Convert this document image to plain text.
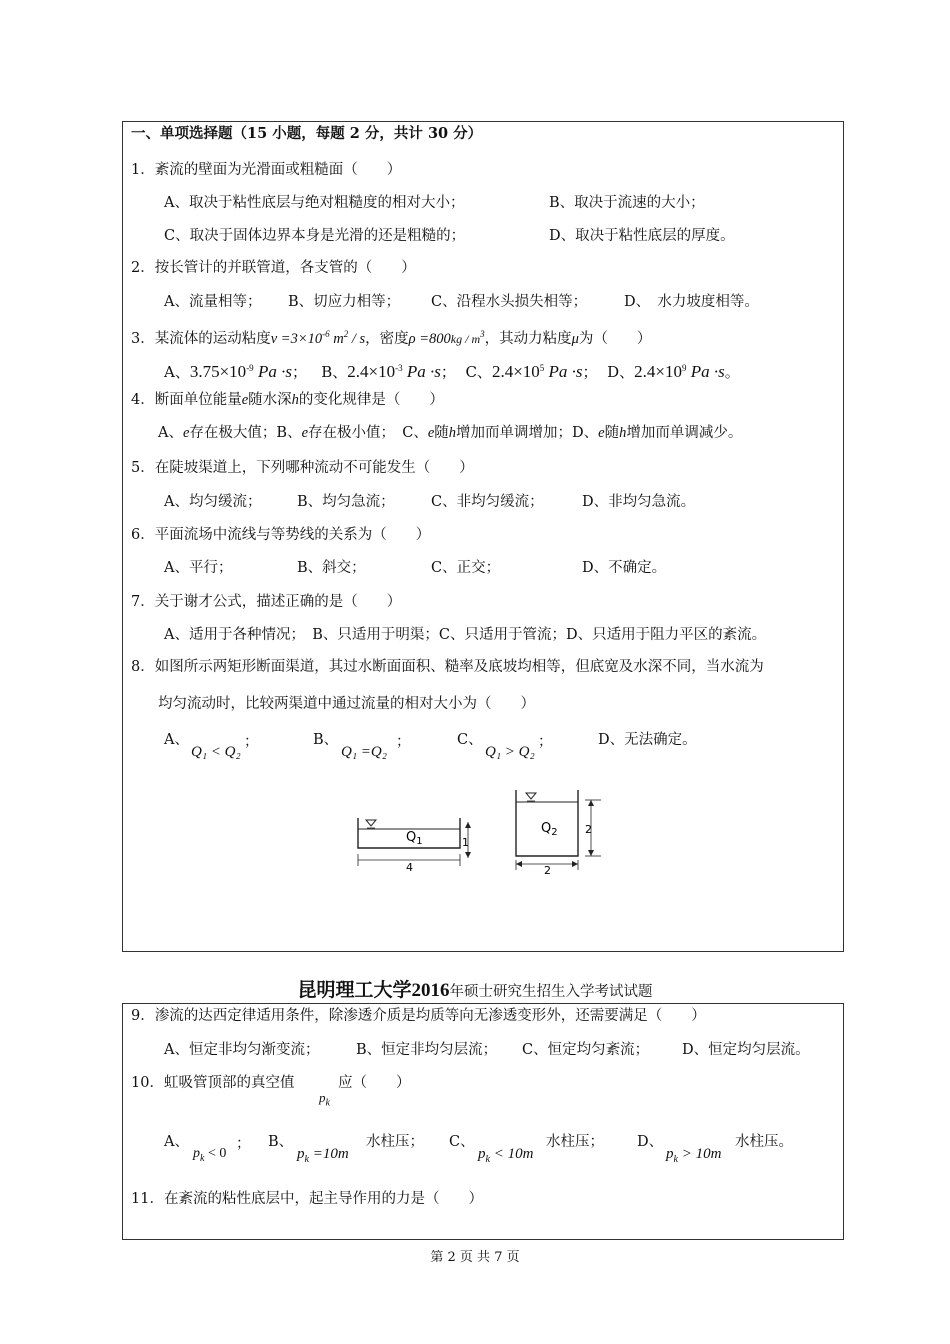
一、单项选择题（15 小题，每题 2 分，共计 30 分）
1．紊流的壁面为光滑面或粗糙面（　　）
A、取决于粘性底层与绝对粗糙度的相对大小；	B、取决于流速的大小；
C、取决于固体边界本身是光滑的还是粗糙的；	D、取决于粘性底层的厚度。
2．按长管计的并联管道，各支管的（　　）
A、流量相等； B、切应力相等； C、沿程水头损失相等；	D、　水力坡度相等。
3．某流体的运动粘度$\nu =3\times 10^{-6}$ $m^2$ / s，密度$\rho =800kg / m^3$，其动力粘度μ为（　　）
A、$3.75\times 10^{-9}$ Pa ·s； B、$2.4\times 10^{-3}$ Pa ·s； C、$2.4\times 10^5$ Pa ·s； D、$2.4\times 10^9$ Pa ·s。
4．断面单位能量e随水深h的变化规律是（　　）
A、e存在极大值；B、e存在极小值；　C、e随h增加而单调增加；D、e随h增加而单调减少。
5．在陡坡渠道上，下列哪种流动不可能发生（　　）
A、均匀缓流； B、均匀急流；	C、非均匀缓流；	D、非均匀急流。
6．平面流场中流线与等势线的关系为（　　）
A、平行；	B、斜交；	C、正交；	D、不确定。
7．关于谢才公式，描述正确的是（　　）
A、适用于各种情况；　B、只适用于明渠；C、只适用于管流；D、只适用于阻力平区的紊流。
8．如图所示两矩形断面渠道，其过水断面面积、糙率及底坡均相等，但底宽及水深不同，当水流为
均匀流动时，比较两渠道中通过流量的相对大小为（　　）
A、
Q₁ < Q₂
；	B、
Q₁ =Q₂
；	C、
Q₁ > Q₂
；	D、无法确定。
$Q_1$	1
4
$Q_2$ 2
2
昆明理工大学2016年硕士研究生招生入学考试试题
9．渗流的达西定律适用条件，除渗透介质是均质等向无渗透变形外，还需要满足（　　）
A、恒定非均匀渐变流；	B、恒定非均匀层流； C、恒定均匀紊流； D、恒定均匀层流。
10．虹吸管顶部的真空值
$p_k$
应（　　）
A、
$p_k < 0$
； B、
$p_k =10m$
水柱压； C、
$p_k < 10m$
水柱压； D、
$p_k > 10m$
水柱压。
11．在紊流的粘性底层中，起主导作用的力是（　　）
第 2 页 共 7 页
